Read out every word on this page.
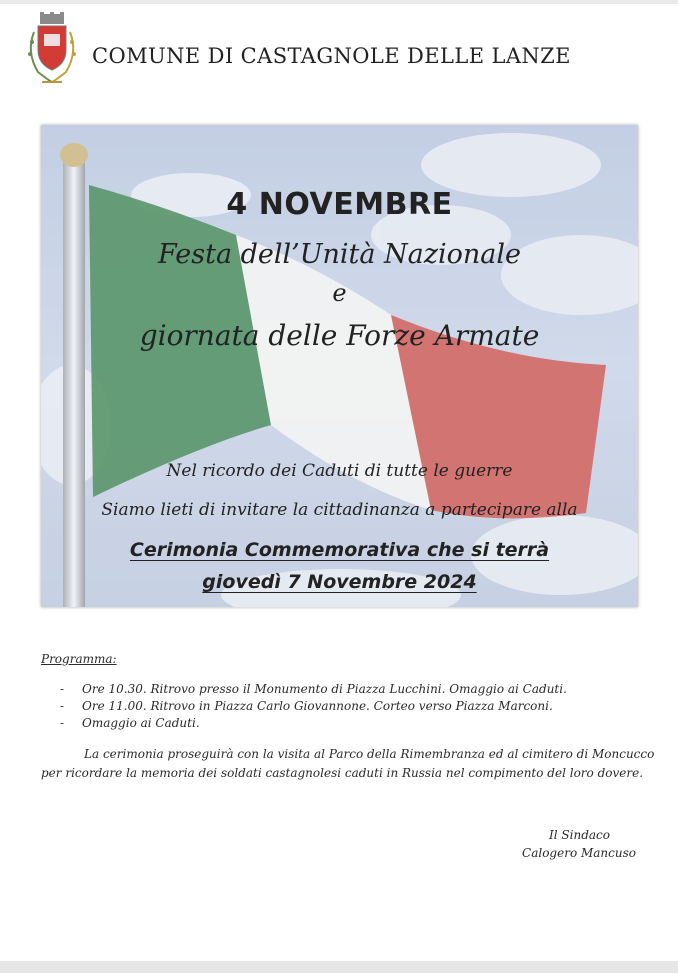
COMUNE DI CASTAGNOLE DELLE LANZE
4 NOVEMBRE
Festa dell’Unità Nazionale
e
giornata delle Forze Armate
Nel ricordo dei Caduti di tutte le guerre
Siamo lieti di invitare la cittadinanza a partecipare alla
Cerimonia Commemorativa che si terrà
giovedì 7 Novembre 2024
Programma:
- Ore 10.30. Ritrovo presso il Monumento di Piazza Lucchini. Omaggio ai Caduti.
- Ore 11.00. Ritrovo in Piazza Carlo Giovannone. Corteo verso Piazza Marconi.
- Omaggio ai Caduti.
La cerimonia proseguirà con la visita al Parco della Rimembranza ed al cimitero di Moncucco
per ricordare la memoria dei soldati castagnolesi caduti in Russia nel compimento del loro dovere.
Il Sindaco
Calogero Mancuso
